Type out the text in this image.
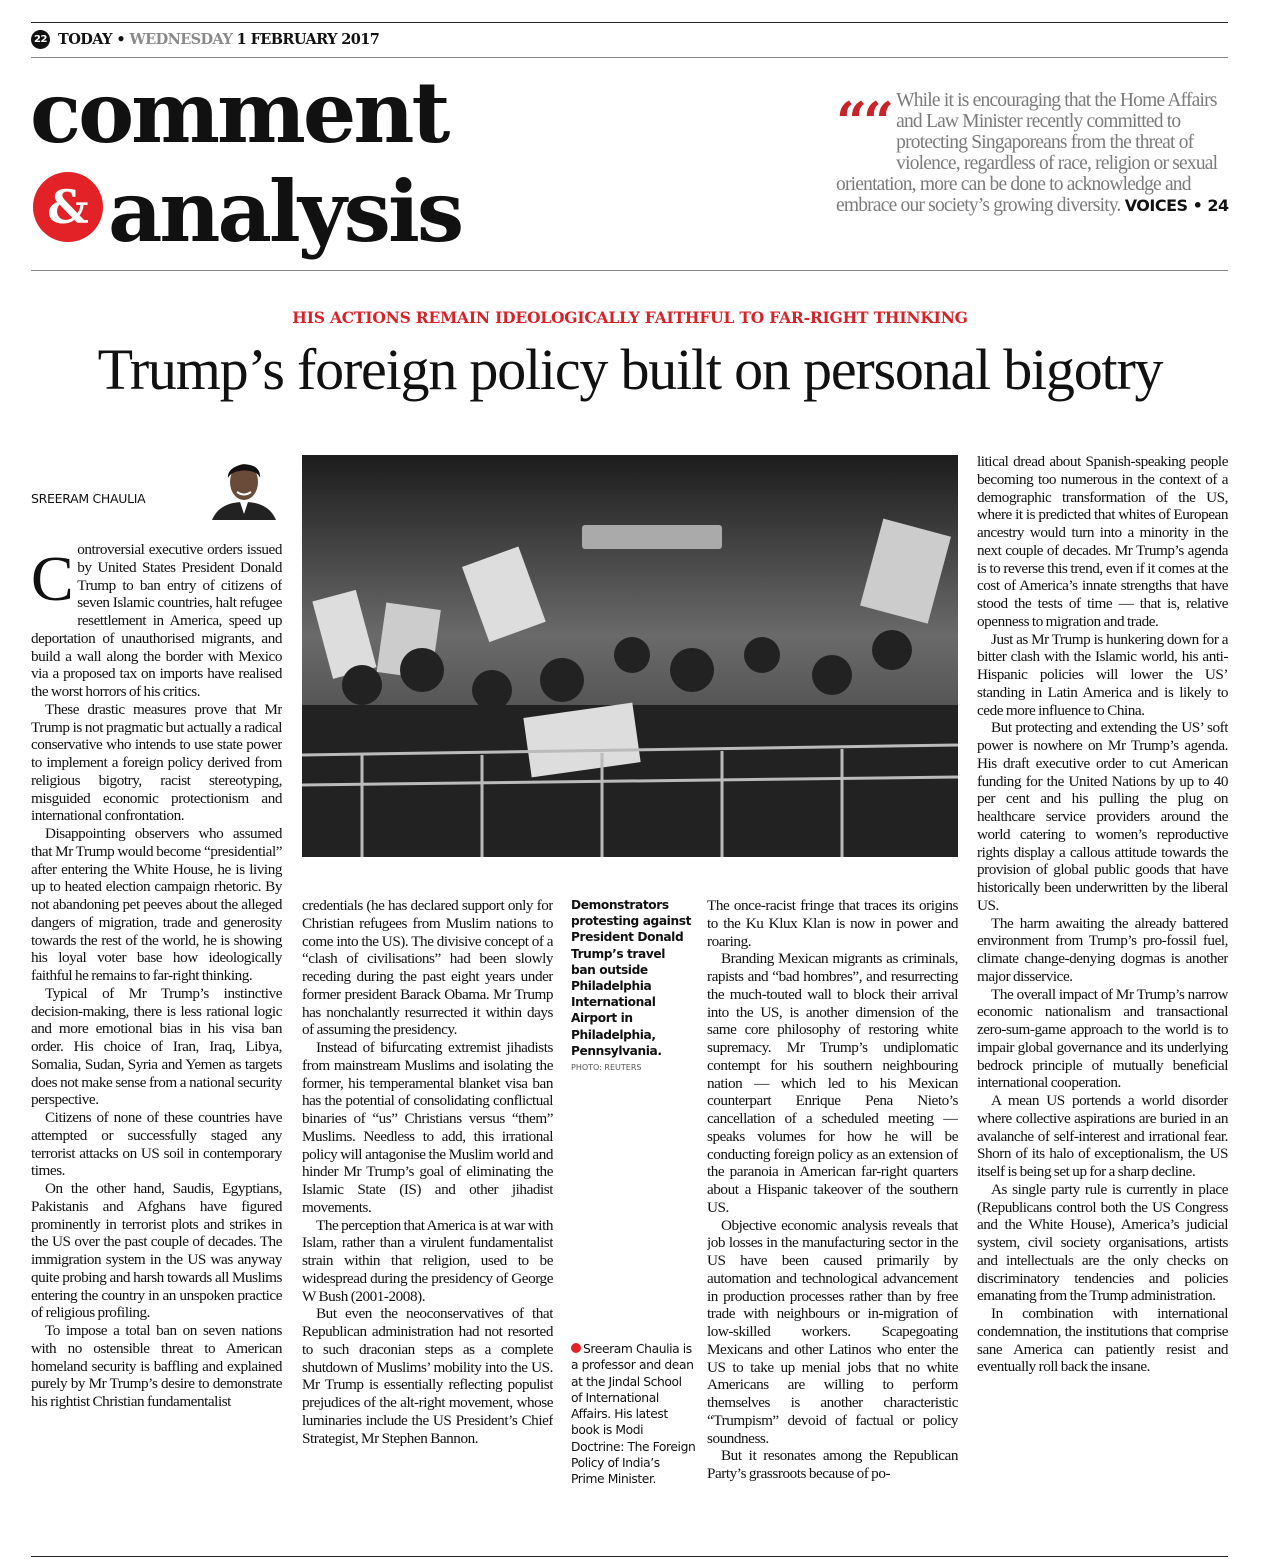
22 TODAY • WEDNESDAY 1 FEBRUARY 2017
comment
& analysis
““ While it is encouraging that the Home Affairs and Law Minister recently committed to protecting Singaporeans from the threat of violence, regardless of race, religion or sexual orientation, more can be done to acknowledge and embrace our society’s growing diversity. VOICES • 24
HIS ACTIONS REMAIN IDEOLOGICALLY FAITHFUL TO FAR-RIGHT THINKING
Trump’s foreign policy built on personal bigotry
SREERAM CHAULIA
C ontroversial executive orders issued by United States President Donald Trump to ban entry of citizens of seven Islamic countries, halt refugee resettlement in America, speed up deportation of unauthorised migrants, and build a wall along the border with Mexico via a proposed tax on imports have realised the worst horrors of his critics.

These drastic measures prove that Mr Trump is not pragmatic but actually a radical conservative who intends to use state power to implement a foreign policy derived from religious bigotry, racist stereotyping, misguided economic protectionism and international confrontation.

Disappointing observers who assumed that Mr Trump would become “presidential” after entering the White House, he is living up to heated election campaign rhetoric. By not abandoning pet peeves about the alleged dangers of migration, trade and generosity towards the rest of the world, he is showing his loyal voter base how ideologically faithful he remains to far-right thinking.

Typical of Mr Trump’s instinctive decision-making, there is less rational logic and more emotional bias in his visa ban order. His choice of Iran, Iraq, Libya, Somalia, Sudan, Syria and Yemen as targets does not make sense from a national security perspective.

Citizens of none of these countries have attempted or successfully staged any terrorist attacks on US soil in contemporary times.

On the other hand, Saudis, Egyptians, Pakistanis and Afghans have figured prominently in terrorist plots and strikes in the US over the past couple of decades. The immigration system in the US was anyway quite probing and harsh towards all Muslims entering the country in an unspoken practice of religious profiling.

To impose a total ban on seven nations with no ostensible threat to American homeland security is baffling and explained purely by Mr Trump’s desire to demonstrate his rightist Christian fundamentalist

Demonstrators protesting against President Donald Trump’s travel ban outside Philadelphia International Airport in Philadelphia, Pennsylvania.
PHOTO: REUTERS

credentials (he has declared support only for Christian refugees from Muslim nations to come into the US). The divisive concept of a “clash of civilisations” had been slowly receding during the past eight years under former president Barack Obama. Mr Trump has nonchalantly resurrected it within days of assuming the presidency.

Instead of bifurcating extremist jihadists from mainstream Muslims and isolating the former, his temperamental blanket visa ban has the potential of consolidating conflictual binaries of “us” Christians versus “them” Muslims. Needless to add, this irrational policy will antagonise the Muslim world and hinder Mr Trump’s goal of eliminating the Islamic State (IS) and other jihadist movements.

The perception that America is at war with Islam, rather than a virulent fundamentalist strain within that religion, used to be widespread during the presidency of George W Bush (2001-2008).

But even the neoconservatives of that Republican administration had not resorted to such draconian steps as a complete shutdown of Muslims’ mobility into the US. Mr Trump is essentially reflecting populist prejudices of the alt-right movement, whose luminaries include the US President’s Chief Strategist, Mr Stephen Bannon.

Sreeram Chaulia is a professor and dean at the Jindal School of International Affairs. His latest book is Modi Doctrine: The Foreign Policy of India’s Prime Minister.

The once-racist fringe that traces its origins to the Ku Klux Klan is now in power and roaring.

Branding Mexican migrants as criminals, rapists and “bad hombres”, and resurrecting the much-touted wall to block their arrival into the US, is another dimension of the same core philosophy of restoring white supremacy. Mr Trump’s undiplomatic contempt for his southern neighbouring nation — which led to his Mexican counterpart Enrique Pena Nieto’s cancellation of a scheduled meeting — speaks volumes for how he will be conducting foreign policy as an extension of the paranoia in American far-right quarters about a Hispanic takeover of the southern US.

Objective economic analysis reveals that job losses in the manufacturing sector in the US have been caused primarily by automation and technological advancement in production processes rather than by free trade with neighbours or in-migration of low-skilled workers. Scapegoating Mexicans and other Latinos who enter the US to take up menial jobs that no white Americans are willing to perform themselves is another characteristic “Trumpism” devoid of factual or policy soundness.

But it resonates among the Republican Party’s grassroots because of po-

litical dread about Spanish-speaking people becoming too numerous in the context of a demographic transformation of the US, where it is predicted that whites of European ancestry would turn into a minority in the next couple of decades. Mr Trump’s agenda is to reverse this trend, even if it comes at the cost of America’s innate strengths that have stood the tests of time — that is, relative openness to migration and trade.

Just as Mr Trump is hunkering down for a bitter clash with the Islamic world, his anti-Hispanic policies will lower the US’ standing in Latin America and is likely to cede more influence to China.

But protecting and extending the US’ soft power is nowhere on Mr Trump’s agenda. His draft executive order to cut American funding for the United Nations by up to 40 per cent and his pulling the plug on healthcare service providers around the world catering to women’s reproductive rights display a callous attitude towards the provision of global public goods that have historically been underwritten by the liberal US.

The harm awaiting the already battered environment from Trump’s pro-fossil fuel, climate change-denying dogmas is another major disservice.

The overall impact of Mr Trump’s narrow economic nationalism and transactional zero-sum-game approach to the world is to impair global governance and its underlying bedrock principle of mutually beneficial international cooperation.

A mean US portends a world disorder where collective aspirations are buried in an avalanche of self-interest and irrational fear. Shorn of its halo of exceptionalism, the US itself is being set up for a sharp decline.

As single party rule is currently in place (Republicans control both the US Congress and the White House), America’s judicial system, civil society organisations, artists and intellectuals are the only checks on discriminatory tendencies and policies emanating from the Trump administration.

In combination with international condemnation, the institutions that comprise sane America can patiently resist and eventually roll back the insane.
